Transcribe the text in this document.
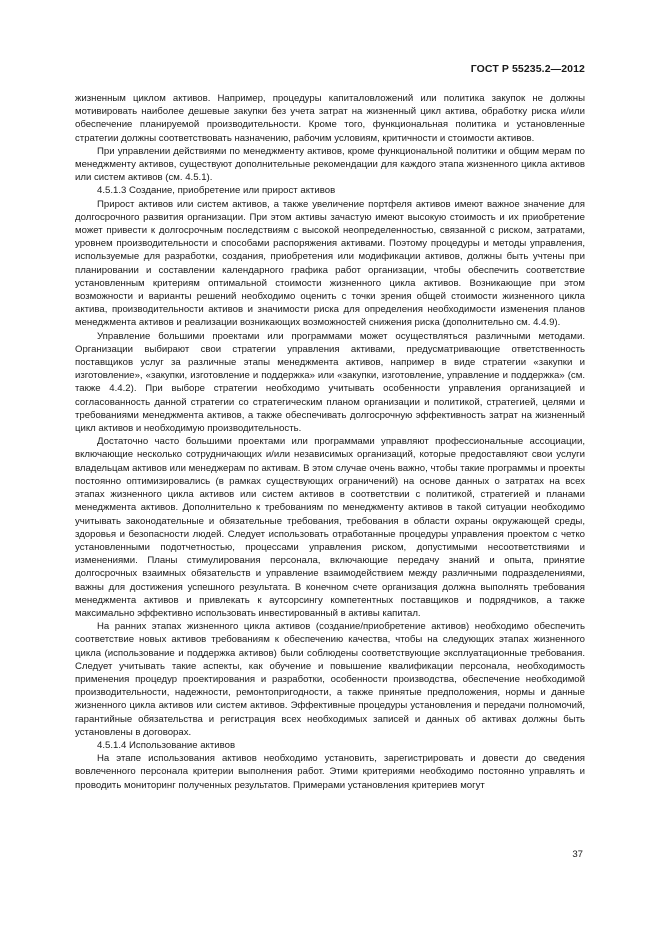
ГОСТ Р 55235.2—2012

жизненным циклом активов. Например, процедуры капиталовложений или политика закупок не должны мотивировать наиболее дешевые закупки без учета затрат на жизненный цикл актива, обработку риска и/или обеспечение планируемой производительности. Кроме того, функциональная политика и установленные стратегии должны соответствовать назначению, рабочим условиям, критичности и стоимости активов.

При управлении действиями по менеджменту активов, кроме функциональной политики и общим мерам по менеджменту активов, существуют дополнительные рекомендации для каждого этапа жизненного цикла активов или систем активов (см. 4.5.1).

4.5.1.3 Создание, приобретение или прирост активов

Прирост активов или систем активов, а также увеличение портфеля активов имеют важное значение для долгосрочного развития организации. При этом активы зачастую имеют высокую стоимость и их приобретение может привести к долгосрочным последствиям с высокой неопределенностью, связанной с риском, затратами, уровнем производительности и способами распоряжения активами. Поэтому процедуры и методы управления, используемые для разработки, создания, приобретения или модификации активов, должны быть учтены при планировании и составлении календарного графика работ организации, чтобы обеспечить соответствие установленным критериям оптимальной стоимости жизненного цикла активов. Возникающие при этом возможности и варианты решений необходимо оценить с точки зрения общей стоимости жизненного цикла актива, производительности активов и значимости риска для определения необходимости изменения планов менеджмента активов и реализации возникающих возможностей снижения риска (дополнительно см. 4.4.9).

Управление большими проектами или программами может осуществляться различными методами. Организации выбирают свои стратегии управления активами, предусматривающие ответственность поставщиков услуг за различные этапы менеджмента активов, например в виде стратегии «закупки и изготовление», «закупки, изготовление и поддержка» или «закупки, изготовление, управление и поддержка» (см. также 4.4.2). При выборе стратегии необходимо учитывать особенности управления организацией и согласованность данной стратегии со стратегическим планом организации и политикой, стратегией, целями и требованиями менеджмента активов, а также обеспечивать долгосрочную эффективность затрат на жизненный цикл активов и необходимую производительность.

Достаточно часто большими проектами или программами управляют профессиональные ассоциации, включающие несколько сотрудничающих и/или независимых организаций, которые предоставляют свои услуги владельцам активов или менеджерам по активам. В этом случае очень важно, чтобы такие программы и проекты постоянно оптимизировались (в рамках существующих ограничений) на основе данных о затратах на всех этапах жизненного цикла активов или систем активов в соответствии с политикой, стратегией и планами менеджмента активов. Дополнительно к требованиям по менеджменту активов в такой ситуации необходимо учитывать законодательные и обязательные требования, требования в области охраны окружающей среды, здоровья и безопасности людей. Следует использовать отработанные процедуры управления проектом с четко установленными подотчетностью, процессами управления риском, допустимыми несоответствиями и изменениями. Планы стимулирования персонала, включающие передачу знаний и опыта, принятие долгосрочных взаимных обязательств и управление взаимодействием между различными подразделениями, важны для достижения успешного результата. В конечном счете организация должна выполнять требования менеджмента активов и привлекать к аутсорсингу компетентных поставщиков и подрядчиков, а также максимально эффективно использовать инвестированный в активы капитал.

На ранних этапах жизненного цикла активов (создание/приобретение активов) необходимо обеспечить соответствие новых активов требованиям к обеспечению качества, чтобы на следующих этапах жизненного цикла (использование и поддержка активов) были соблюдены соответствующие эксплуатационные требования. Следует учитывать такие аспекты, как обучение и повышение квалификации персонала, необходимость применения процедур проектирования и разработки, особенности производства, обеспечение необходимой производительности, надежности, ремонтопригодности, а также принятые предположения, нормы и данные жизненного цикла активов или систем активов. Эффективные процедуры установления и передачи полномочий, гарантийные обязательства и регистрация всех необходимых записей и данных об активах должны быть установлены в договорах.

4.5.1.4 Использование активов

На этапе использования активов необходимо установить, зарегистрировать и довести до сведения вовлеченного персонала критерии выполнения работ. Этими критериями необходимо постоянно управлять и проводить мониторинг полученных результатов. Примерами установления критериев могут

37
